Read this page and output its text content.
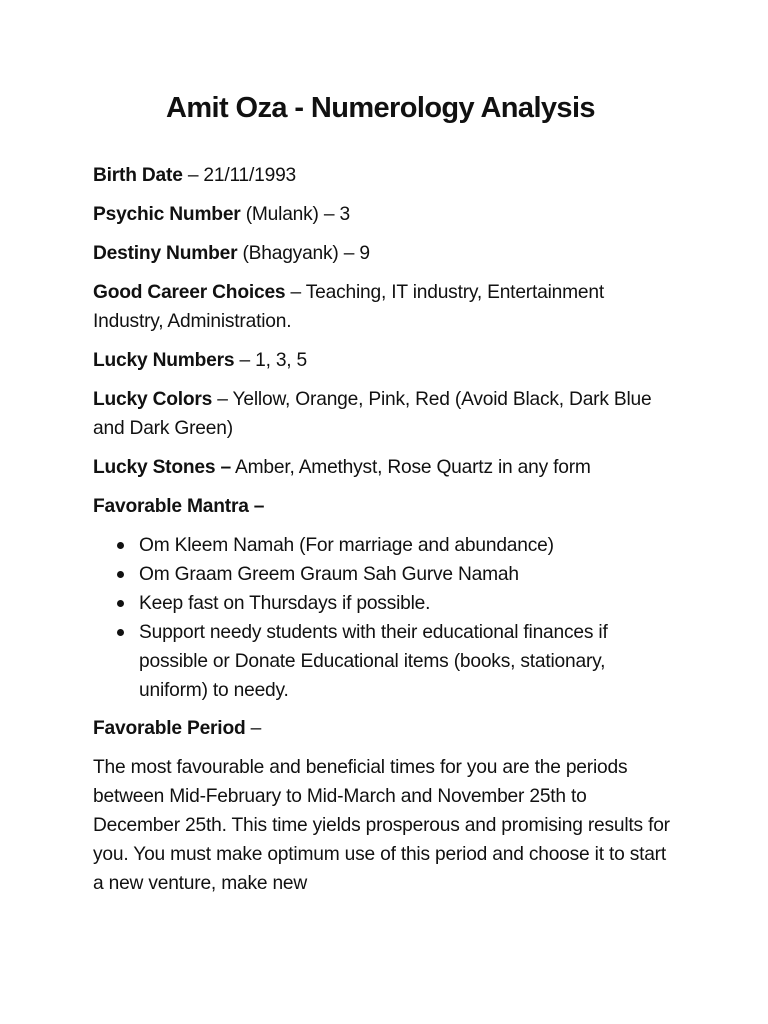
Amit Oza - Numerology Analysis

Birth Date – 21/11/1993

Psychic Number (Mulank) – 3

Destiny Number (Bhagyank) – 9

Good Career Choices – Teaching, IT industry, Entertainment Industry, Administration.

Lucky Numbers – 1, 3, 5

Lucky Colors – Yellow, Orange, Pink, Red (Avoid Black, Dark Blue and Dark Green)

Lucky Stones – Amber, Amethyst, Rose Quartz in any form

Favorable Mantra –

Om Kleem Namah (For marriage and abundance)
Om Graam Greem Graum Sah Gurve Namah
Keep fast on Thursdays if possible.
Support needy students with their educational finances if possible or Donate Educational items (books, stationary, uniform) to needy.

Favorable Period –

The most favourable and beneficial times for you are the periods between Mid-February to Mid-March and November 25th to December 25th. This time yields prosperous and promising results for you. You must make optimum use of this period and choose it to start a new venture, make new
